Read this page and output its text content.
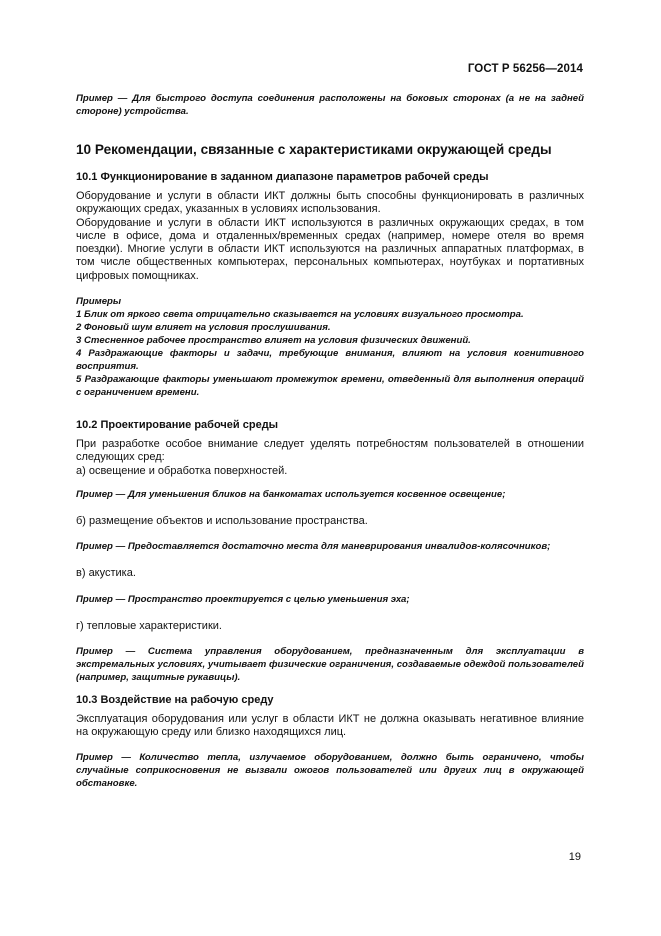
ГОСТ Р 56256—2014

Пример — Для быстрого доступа соединения расположены на боковых сторонах (а не на задней стороне) устройства.

10 Рекомендации, связанные с характеристиками окружающей среды

10.1 Функционирование в заданном диапазоне параметров рабочей среды

Оборудование и услуги в области ИКТ должны быть способны функционировать в различных окружающих средах, указанных в условиях использования.

Оборудование и услуги в области ИКТ используются в различных окружающих средах, в том числе в офисе, дома и отдаленных/временных средах (например, номере отеля во время поездки). Многие услуги в области ИКТ используются на различных аппаратных платформах, в том числе общественных компьютерах, персональных компьютерах, ноутбуках и портативных цифровых помощниках.

Примеры

1 Блик от яркого света отрицательно сказывается на условиях визуального просмотра.

2 Фоновый шум влияет на условия прослушивания.

3 Стесненное рабочее пространство влияет на условия физических движений.

4 Раздражающие факторы и задачи, требующие внимания, влияют на условия когнитивного восприятия.

5 Раздражающие факторы уменьшают промежуток времени, отведенный для выполнения операций с ограничением времени.

10.2 Проектирование рабочей среды

При разработке особое внимание следует уделять потребностям пользователей в отношении следующих сред:

а) освещение и обработка поверхностей.

Пример — Для уменьшения бликов на банкоматах используется косвенное освещение;

б) размещение объектов и использование пространства.

Пример — Предоставляется достаточно места для маневрирования инвалидов-колясочников;

в) акустика.

Пример — Пространство проектируется с целью уменьшения эха;

г) тепловые характеристики.

Пример — Система управления оборудованием, предназначенным для эксплуатации в экстремальных условиях, учитывает физические ограничения, создаваемые одеждой пользователей (например, защитные рукавицы).

10.3 Воздействие на рабочую среду

Эксплуатация оборудования или услуг в области ИКТ не должна оказывать негативное влияние на окружающую среду или близко находящихся лиц.

Пример — Количество тепла, излучаемое оборудованием, должно быть ограничено, чтобы случайные соприкосновения не вызвали ожогов пользователей или других лиц в окружающей обстановке.

19
